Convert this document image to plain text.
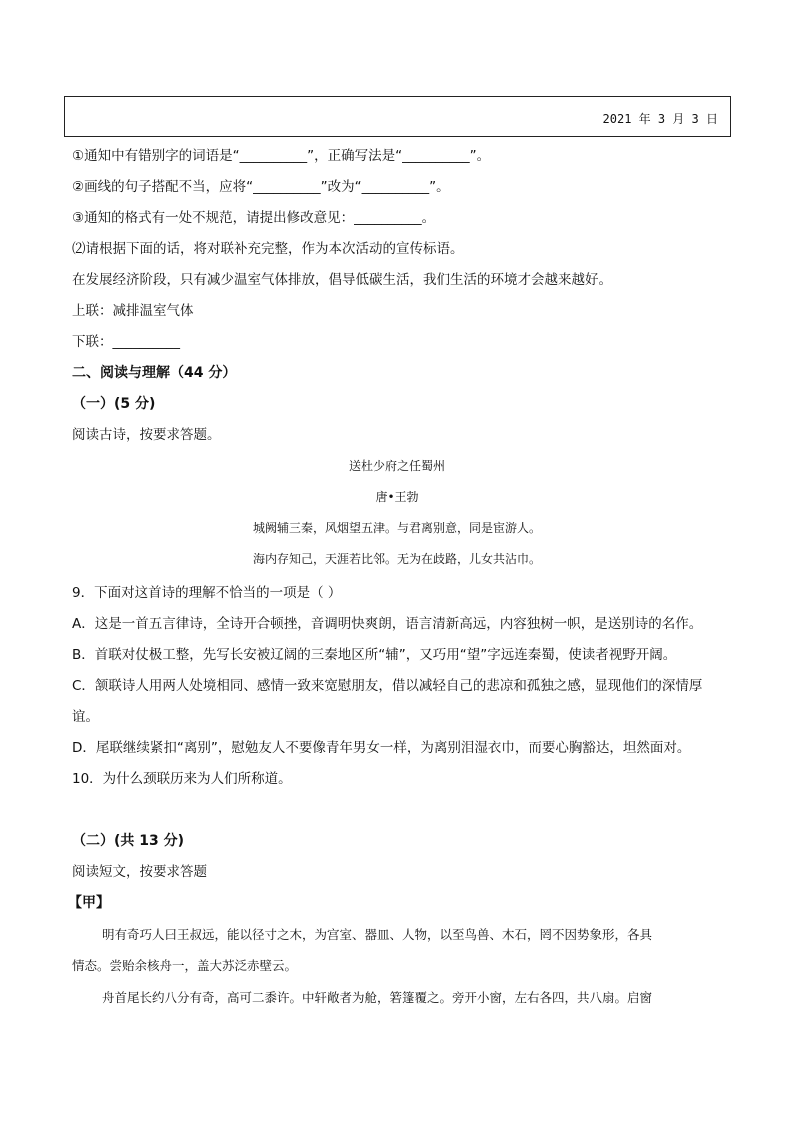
2021 年 3 月 3 日
①通知中有错别字的词语是“__________”，正确写法是“__________”。
②画线的句子搭配不当，应将“__________”改为“__________”。
③通知的格式有一处不规范，请提出修改意见：__________。
⑵请根据下面的话，将对联补充完整，作为本次活动的宣传标语。
在发展经济阶段，只有减少温室气体排放，倡导低碳生活，我们生活的环境才会越来越好。
上联：减排温室气体
下联：__________
二、阅读与理解（44 分）
（一）(5 分)
阅读古诗，按要求答题。
送杜少府之任蜀州
唐•王勃
城阙辅三秦，风烟望五津。与君离别意，同是宦游人。
海内存知己，天涯若比邻。无为在歧路，儿女共沾巾。
9．下面对这首诗的理解不恰当的一项是（ ）
A．这是一首五言律诗，全诗开合顿挫，音调明快爽朗，语言清新高远，内容独树一帜，是送别诗的名作。
B．首联对仗极工整，先写长安被辽阔的三秦地区所“辅”，又巧用“望”字远连秦蜀，使读者视野开阔。
C．颔联诗人用两人处境相同、感情一致来宽慰朋友，借以减轻自己的悲凉和孤独之感，显现他们的深情厚
谊。
D．尾联继续紧扣“离别”，慰勉友人不要像青年男女一样，为离别泪湿衣巾，而要心胸豁达，坦然面对。
10．为什么颈联历来为人们所称道。
（二）(共 13 分)
阅读短文，按要求答题
【甲】
明有奇巧人曰王叔远，能以径寸之木，为宫室、器皿、人物，以至鸟兽、木石，罔不因势象形，各具
情态。尝贻余核舟一，盖大苏泛赤壁云。
舟首尾长约八分有奇，高可二黍许。中轩敞者为舱，箬篷覆之。旁开小窗，左右各四，共八扇。启窗
